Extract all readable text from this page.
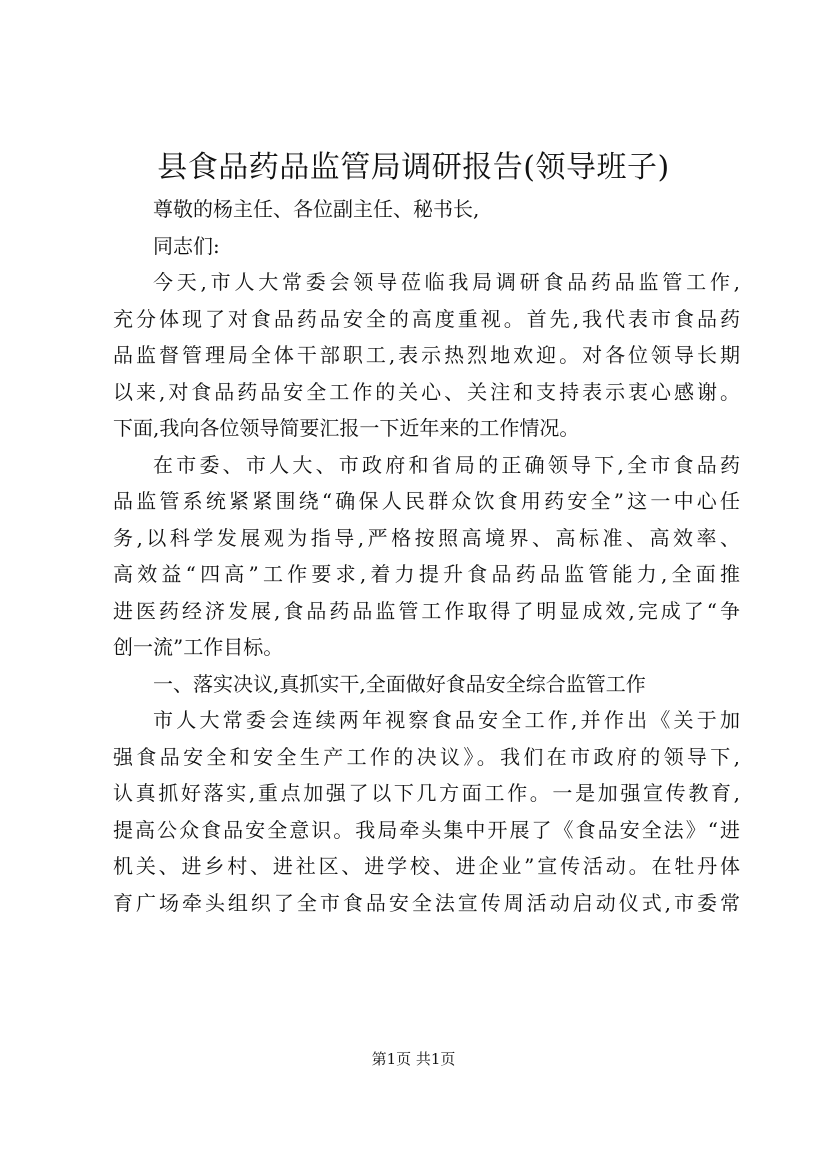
县食品药品监管局调研报告(领导班子)
尊敬的杨主任、各位副主任、秘书长,
同志们:
今天,市人大常委会领导莅临我局调研食品药品监管工作,
充分体现了对食品药品安全的高度重视。首先,我代表市食品药
品监督管理局全体干部职工,表示热烈地欢迎。对各位领导长期
以来,对食品药品安全工作的关心、关注和支持表示衷心感谢。
下面,我向各位领导简要汇报一下近年来的工作情况。
在市委、市人大、市政府和省局的正确领导下,全市食品药
品监管系统紧紧围绕“确保人民群众饮食用药安全”这一中心任
务,以科学发展观为指导,严格按照高境界、高标准、高效率、
高效益“四高”工作要求,着力提升食品药品监管能力,全面推
进医药经济发展,食品药品监管工作取得了明显成效,完成了“争
创一流”工作目标。
一、落实决议,真抓实干,全面做好食品安全综合监管工作
市人大常委会连续两年视察食品安全工作,并作出《关于加
强食品安全和安全生产工作的决议》。我们在市政府的领导下,
认真抓好落实,重点加强了以下几方面工作。一是加强宣传教育,
提高公众食品安全意识。我局牵头集中开展了《食品安全法》“进
机关、进乡村、进社区、进学校、进企业”宣传活动。在牡丹体
育广场牵头组织了全市食品安全法宣传周活动启动仪式,市委常
第1页 共1页
